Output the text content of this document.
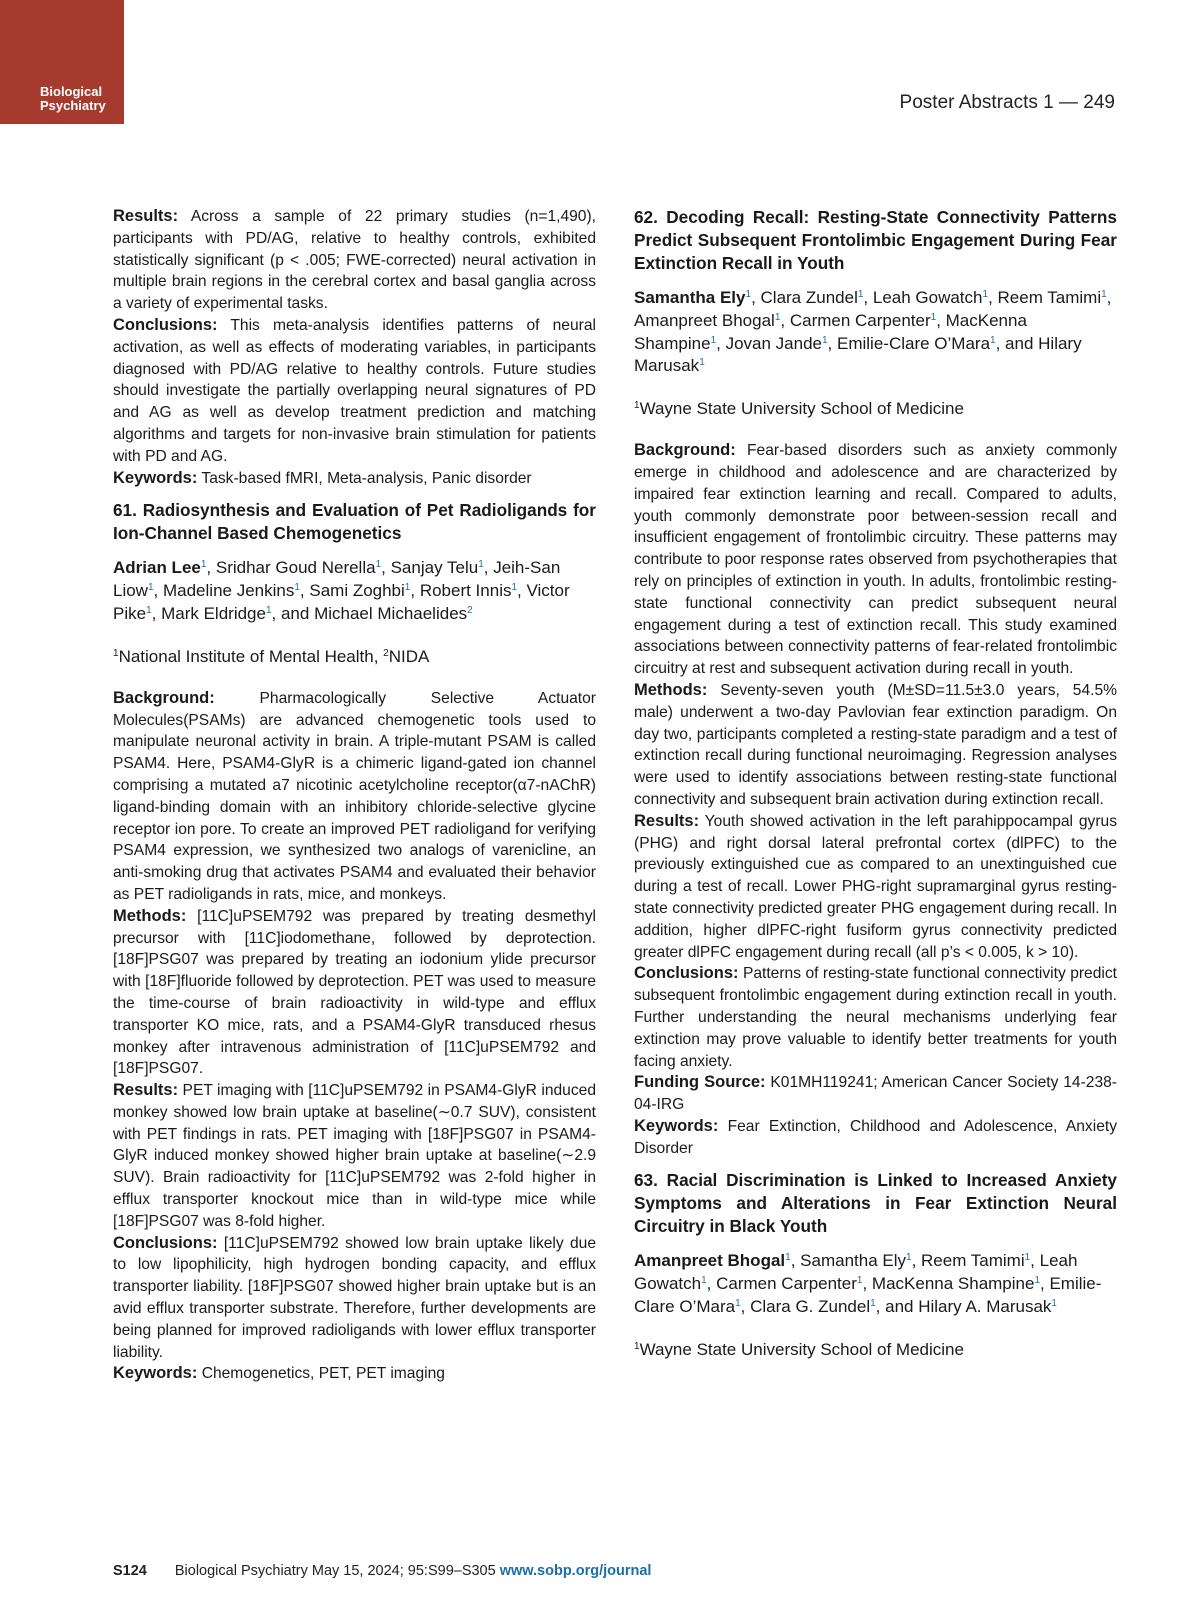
Biological
Psychiatry	Poster Abstracts 1 — 249

Results: Across a sample of 22 primary studies (n=1,490), participants with PD/AG, relative to healthy controls, exhibited statistically significant (p < .005; FWE-corrected) neural activation in multiple brain regions in the cerebral cortex and basal ganglia across a variety of experimental tasks.

Conclusions: This meta-analysis identifies patterns of neural activation, as well as effects of moderating variables, in participants diagnosed with PD/AG relative to healthy controls. Future studies should investigate the partially overlapping neural signatures of PD and AG as well as develop treatment prediction and matching algorithms and targets for non-invasive brain stimulation for patients with PD and AG.

Keywords: Task-based fMRI, Meta-analysis, Panic disorder

61. Radiosynthesis and Evaluation of Pet Radioligands for Ion-Channel Based Chemogenetics
Adrian Lee$^1$, Sridhar Goud Nerella$^1$, Sanjay Telu$^1$, Jeih-San Liow$^1$, Madeline Jenkins$^1$, Sami Zoghbi$^1$, Robert Innis$^1$, Victor Pike$^1$, Mark Eldridge$^1$, and Michael Michaelides$^2$
$^1$National Institute of Mental Health, $^2$NIDA

Background: Pharmacologically Selective Actuator Molecules(PSAMs) are advanced chemogenetic tools used to manipulate neuronal activity in brain. A triple-mutant PSAM is called PSAM4. Here, PSAM4-GlyR is a chimeric ligand-gated ion channel comprising a mutated a7 nicotinic acetylcholine receptor(α7-nAChR) ligand-binding domain with an inhibitory chloride-selective glycine receptor ion pore. To create an improved PET radioligand for verifying PSAM4 expression, we synthesized two analogs of varenicline, an anti-smoking drug that activates PSAM4 and evaluated their behavior as PET radioligands in rats, mice, and monkeys.

Methods: [11C]uPSEM792 was prepared by treating desmethyl precursor with [11C]iodomethane, followed by deprotection. [18F]PSG07 was prepared by treating an iodonium ylide precursor with [18F]fluoride followed by deprotection. PET was used to measure the time-course of brain radioactivity in wild-type and efflux transporter KO mice, rats, and a PSAM4-GlyR transduced rhesus monkey after intravenous administration of [11C]uPSEM792 and [18F]PSG07.

Results: PET imaging with [11C]uPSEM792 in PSAM4-GlyR induced monkey showed low brain uptake at baseline(∼0.7 SUV), consistent with PET findings in rats. PET imaging with [18F]PSG07 in PSAM4-GlyR induced monkey showed higher brain uptake at baseline(∼2.9 SUV). Brain radioactivity for [11C]uPSEM792 was 2-fold higher in efflux transporter knockout mice than in wild-type mice while [18F]PSG07 was 8-fold higher.

Conclusions: [11C]uPSEM792 showed low brain uptake likely due to low lipophilicity, high hydrogen bonding capacity, and efflux transporter liability. [18F]PSG07 showed higher brain uptake but is an avid efflux transporter substrate. Therefore, further developments are being planned for improved radioligands with lower efflux transporter liability.

Keywords: Chemogenetics, PET, PET imaging

62. Decoding Recall: Resting-State Connectivity Patterns Predict Subsequent Frontolimbic Engagement During Fear Extinction Recall in Youth
Samantha Ely$^1$, Clara Zundel$^1$, Leah Gowatch$^1$, Reem Tamimi$^1$, Amanpreet Bhogal$^1$, Carmen Carpenter$^1$, MacKenna Shampine$^1$, Jovan Jande$^1$, Emilie-Clare O’Mara$^1$, and Hilary Marusak$^1$
$^1$Wayne State University School of Medicine

Background: Fear-based disorders such as anxiety commonly emerge in childhood and adolescence and are characterized by impaired fear extinction learning and recall. Compared to adults, youth commonly demonstrate poor between-session recall and insufficient engagement of frontolimbic circuitry. These patterns may contribute to poor response rates observed from psychotherapies that rely on principles of extinction in youth. In adults, frontolimbic resting-state functional connectivity can predict subsequent neural engagement during a test of extinction recall. This study examined associations between connectivity patterns of fear-related frontolimbic circuitry at rest and subsequent activation during recall in youth.

Methods: Seventy-seven youth (M±SD=11.5±3.0 years, 54.5% male) underwent a two-day Pavlovian fear extinction paradigm. On day two, participants completed a resting-state paradigm and a test of extinction recall during functional neuroimaging. Regression analyses were used to identify associations between resting-state functional connectivity and subsequent brain activation during extinction recall.

Results: Youth showed activation in the left parahippocampal gyrus (PHG) and right dorsal lateral prefrontal cortex (dlPFC) to the previously extinguished cue as compared to an unextinguished cue during a test of recall. Lower PHG-right supramarginal gyrus resting-state connectivity predicted greater PHG engagement during recall. In addition, higher dlPFC-right fusiform gyrus connectivity predicted greater dlPFC engagement during recall (all p’s < 0.005, k > 10).

Conclusions: Patterns of resting-state functional connectivity predict subsequent frontolimbic engagement during extinction recall in youth. Further understanding the neural mechanisms underlying fear extinction may prove valuable to identify better treatments for youth facing anxiety.

Funding Source: K01MH119241; American Cancer Society 14-238-04-IRG

Keywords: Fear Extinction, Childhood and Adolescence, Anxiety Disorder

63. Racial Discrimination is Linked to Increased Anxiety Symptoms and Alterations in Fear Extinction Neural Circuitry in Black Youth
Amanpreet Bhogal$^1$, Samantha Ely$^1$, Reem Tamimi$^1$, Leah Gowatch$^1$, Carmen Carpenter$^1$, MacKenna Shampine$^1$, Emilie-Clare O’Mara$^1$, Clara G. Zundel$^1$, and Hilary A. Marusak$^1$
$^1$Wayne State University School of Medicine
S124 Biological Psychiatry May 15, 2024; 95:S99–S305 www.sobp.org/journal
